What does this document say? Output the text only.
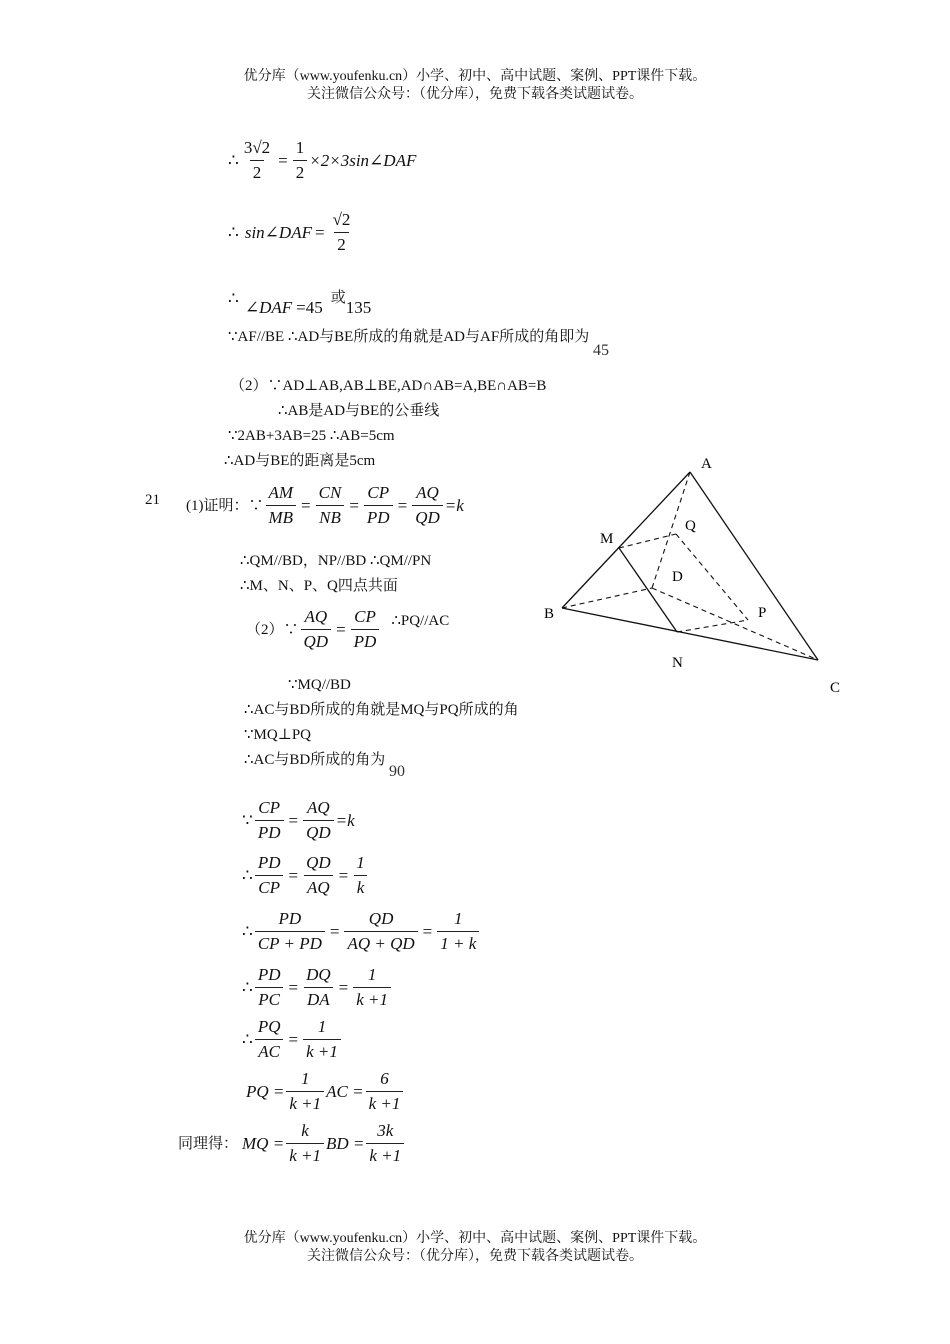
优分库（www.youfenku.cn）小学、初中、高中试题、案例、PPT课件下载。
关注微信公众号：（优分库），免费下载各类试题试卷。
∴ $\frac{3√2}{2} = \frac{1}{2}$ ×2×3sin∠DAF
∴ sin∠DAF = $\frac{√2}{2}$
∴ ∠DAF =45
或
135
∵AF//BE ∴AD与BE所成的角就是AD与AF所成的角即为 45
（2）∵AD⊥AB,AB⊥BE,AD∩AB=A,BE∩AB=B
∴AB是AD与BE的公垂线
∵2AB+3AB=25 ∴AB=5cm
∴AD与BE的距离是5cm
21 (1)证明：∵ $\frac{AM}{MB} = \frac{CN}{NB} = \frac{CP}{PD} = \frac{AQ}{QD} =k$
∴QM//BD，NP//BD ∴QM//PN
∴M、N、P、Q四点共面
（2）∵ $\frac{AQ}{QD} = \frac{CP}{PD}$ ∴PQ//AC
∵MQ//BD
∴AC与BD所成的角就是MQ与PQ所成的角
∵MQ⊥PQ
∴AC与BD所成的角为 90
∵ $\frac{CP}{PD} = \frac{AQ}{QD} =k$
∴ $\frac{PD}{CP} = \frac{QD}{AQ} = \frac{1}{k}$
∴ $\frac{PD}{CP + PD} = \frac{QD}{AQ + QD} = \frac{1}{1 + k}$
∴ $\frac{PD}{PC} = \frac{DQ}{DA} = \frac{1}{k +1}$
∴ $\frac{PQ}{AC} = \frac{1}{k +1}$
PQ = $\frac{1}{k +1}$ AC = $\frac{6}{k +1}$
同理得： MQ = $\frac{k}{k +1}$ BD = $\frac{3k}{k +1}$
A
B
C
D
M
N
P
Q
优分库（www.youfenku.cn）小学、初中、高中试题、案例、PPT课件下载。
关注微信公众号：（优分库），免费下载各类试题试卷。
